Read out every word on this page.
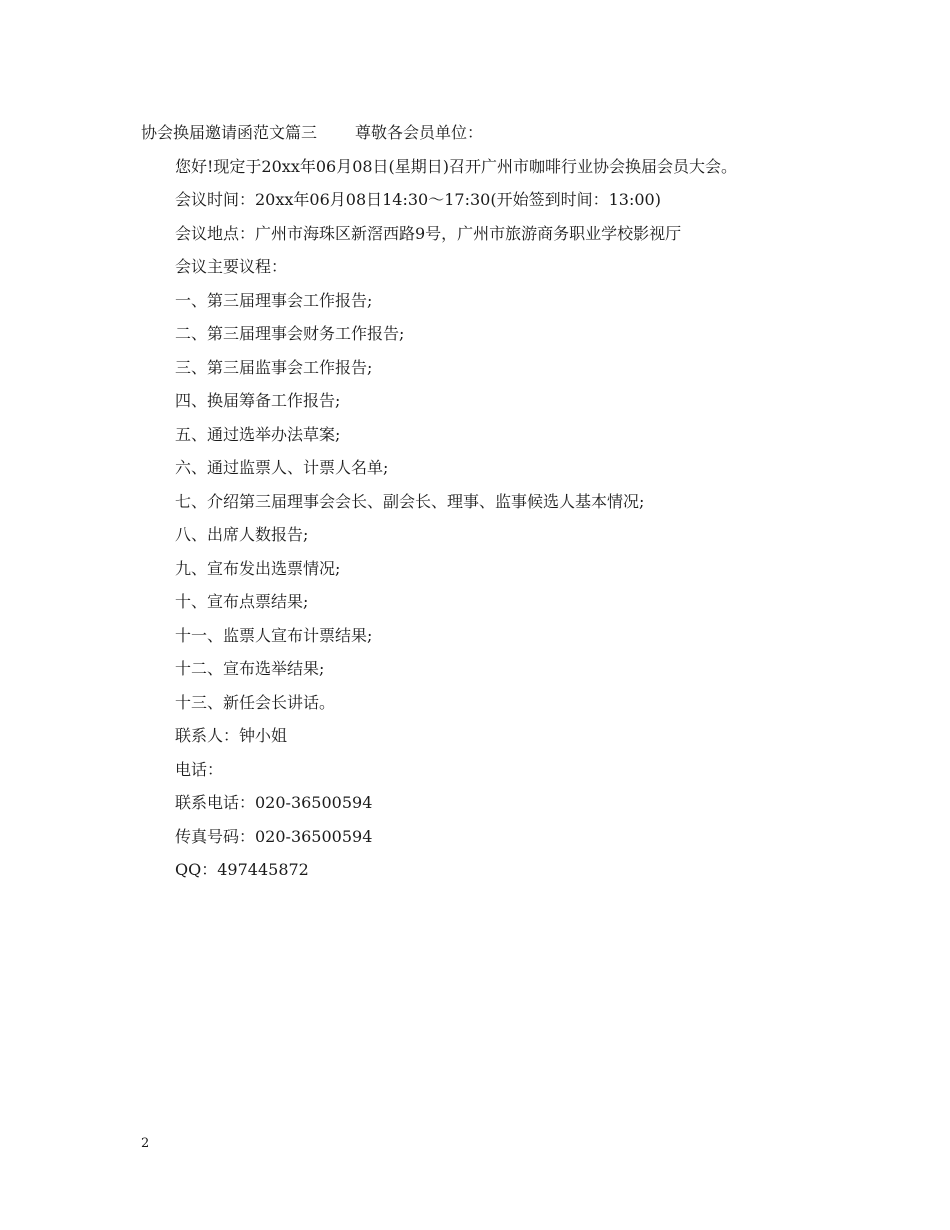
协会换届邀请函范文篇三 尊敬各会员单位：
您好!现定于20xx年06月08日(星期日)召开广州市咖啡行业协会换届会员大会。
会议时间：20xx年06月08日14:30～17:30(开始签到时间：13:00)
会议地点：广州市海珠区新滘西路9号，广州市旅游商务职业学校影视厅
会议主要议程：
一、第三届理事会工作报告;
二、第三届理事会财务工作报告;
三、第三届监事会工作报告;
四、换届筹备工作报告;
五、通过选举办法草案;
六、通过监票人、计票人名单;
七、介绍第三届理事会会长、副会长、理事、监事候选人基本情况;
八、出席人数报告;
九、宣布发出选票情况;
十、宣布点票结果;
十一、监票人宣布计票结果;
十二、宣布选举结果;
十三、新任会长讲话。
联系人：钟小姐
电话：
联系电话：020-36500594
传真号码：020-36500594
QQ：497445872
2
